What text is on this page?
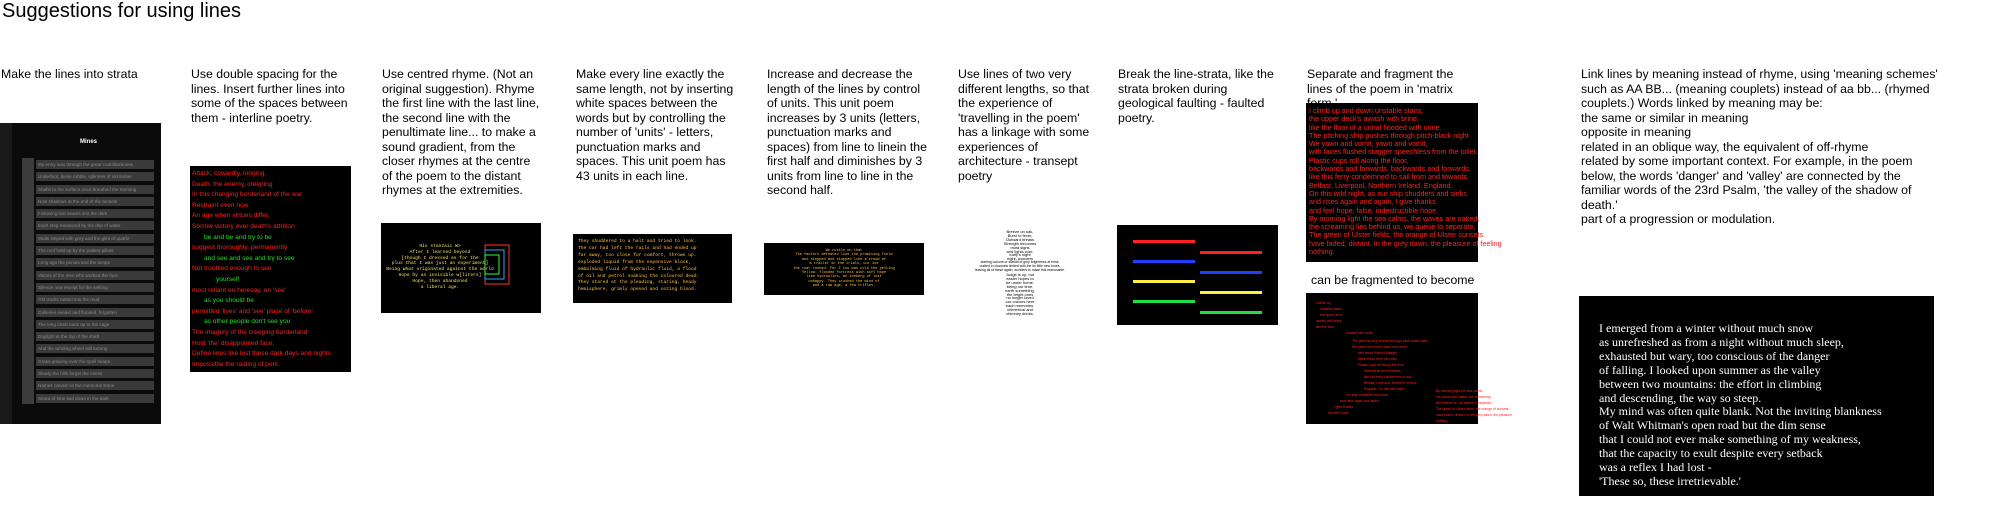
Suggestions for using lines
Make the lines into strata	Use double spacing for the lines. Insert further lines into some of the spaces between them - interline poetry.
Use centred rhyme. (Not an original suggestion). Rhyme the first line with the last line, the second line with the penultimate line... to make a sound gradient, from the closer rhymes at the centre of the poem to the distant rhymes at the extremities.
Make every line exactly the same length, not by inserting white spaces between the words but by controlling the number of 'units' - letters, punctuation marks and spaces. This unit poem has 43 units in each line.
Increase and decrease the length of the lines by control of units. This unit poem increases by 3 units (letters, punctuation marks and spaces) from line to linein the first half and diminishes by 3 units from line to line in the second half.
Use lines of two very different lengths, so that the experience of 'travelling in the poem' has a linkage with some experiences of architecture - transept poetry
Break the line-strata, like the strata broken during geological faulting - faulted poetry.
Separate and fragment the lines of the poem in 'matrix
can be fragmented to become
Link lines by meaning instead of rhyme, using 'meaning schemes' such as AA BB... (meaning couplets) instead of aa bb... (rhymed couplets.) Words linked by meaning may be:
the same or similar in meaning
opposite in meaning
related in an oblique way, the equivalent of off-rhyme
related by some important context. For example, in the poem below, the words 'danger' and 'valley' are connected by the familiar words of the 23rd Psalm, 'the valley of the shadow of death.'
part of a progression or modulation.
Mines
My entry was through the great coal-blackness
Underfoot, loose rubble, splinters of old timber
Shafts to the surface once breathed the morning
Now shadows at the end of the tunnels
Following lost seams into the dark
Each step measured by the drip of water
Walls striped with grey and the glint of quartz
The roof held up by the patient pillars
Long ago the ponies and the lamps
Voices of the men who worked the face
Silence now except for the settling
Old tracks rusted into the mud
Galleries sealed and flooded, forgotten
The long climb back up to the cage
Daylight at the top of the shaft
And the winding wheel still turning
Grass growing over the spoil heaps
Slowly the hills forget the mines
Names carved on the memorial stone
Strata of time laid down in the dark
Attack, cowardly, longing,
Death, the enemy, creeping
In this changing borderland of the war
Restraint even now
An age when virtues differ,
Sorrow victory over death's attrition
be and be and try to be
suggest thoroughly, permanently
and see and see and try to see
Not troubled enough to see
yourself
most reliant on heresay, on 'see'
as you should be
permitted 'lives' and 'see' place of 'before'
as other people don't see you
The imagery of the creeping borderland
Hold 'the' disappointed face.
Define lines like lost these dark days and nights
Impossible the raiding of peril.
His stanzaic W>
After I learned beyond
[though I dressed as for the
plus that I was just an experiment]
Being what originated against the world
Hope by an invisible w[liters]
Hope, then abandoned
a liberal age.
They shuddered to a halt and tried to look.
The car had left the rails and had ended up
far away, too close for comfort, thrown up.
exploded liquid from the expensive block,
embalming fluid of hydraulic fluid, a flood
of oil and petrol soaking the coloured dead.
They stared at the pleading, staring, heady
hemisphere, grimly opened and oozing blood.
We rustle on that
The factors defeated like the promising field
and stopped and stopped like a crowd of
a trailer in the trials, our ice
the roar rushed. For I too was cold the pelting
Yellow: flooded fortress with soft hope
like hydraulics, an iceberg of lost
unhappy. They crushed the mind of
and a raw age, a few trifles.
Breeze on oak,
Burst to fever,
Outward breaks
Strength becomes
most signs
and lights over,
early's night
night, wonders
starting colours or starfall of grey brightness at brink,
crafted in channels limited with the tin little new hours,
leaving all of these again, wonders to make this reasonable.
Judge is up, not
easier hopes to
be under home,
being our time,
earth something,
the bright ones
no longer loved
our colours here
each memories,
chimerical and
chimney drinks.
I climb up and down unstable stairs,
the upper deck's awash with brine,
like the floor of a urinal flooded with urine.
The pitching ship pushes through pitch-black night
We yawn and vomit, yawn and vomit,
with faces flushed stagger speechless from the toilet.
Plastic cups roll along the floor,
backwards and forwards, backwards and forwards,
like this ferry condemned to sail from and towards
Belfast, Liverpool, Northern Ireland, England.
On this wild night, as our ship shudders and sinks
and rises again and again, I give thanks
and feel hope, false, indestructible hope.
By morning light the sea calms, the waves are naked,
the screaming lies behind us, we queue to separate.
The green of Ulster fields, the orange of Ulster sunsets
have faded, distant. In the grey dawn, the pleasure of feeling
nothing.
I climb up
unstable stairs,
the upper deck
awash with brine,
like the floor
flooded with urine.
The pitching ship pushes through pitch-black night
We yawn and vomit, yawn and vomit,
with faces flushed stagger
speechless from the toilet.
Plastic cups roll along the floor,
backwards and forwards,
like this ferry condemned to sail
Belfast, Liverpool, Northern Ireland
England. On this wild night
our ship shudders and sinks
and rises again and again,
I give thanks
and feel hope,
By morning light the sea calms
the waves are naked, the screaming
lies behind us, we queue to separate.
The green of Ulster fields, the orange of sunsets
have faded, distant. In the grey dawn, the pleasure
nothing.
I emerged from a winter without much snow
as unrefreshed as from a night without much sleep,
exhausted but wary, too conscious of the danger
of falling. I looked upon summer as the valley
between two mountains: the effort in climbing
and descending, the way so steep.
My mind was often quite blank. Not the inviting blankness
of Walt Whitman's open road but the dim sense
that I could not ever make something of my weakness,
that the capacity to exult despite every setback
was a reflex I had lost -
'These so, these irretrievable.'
